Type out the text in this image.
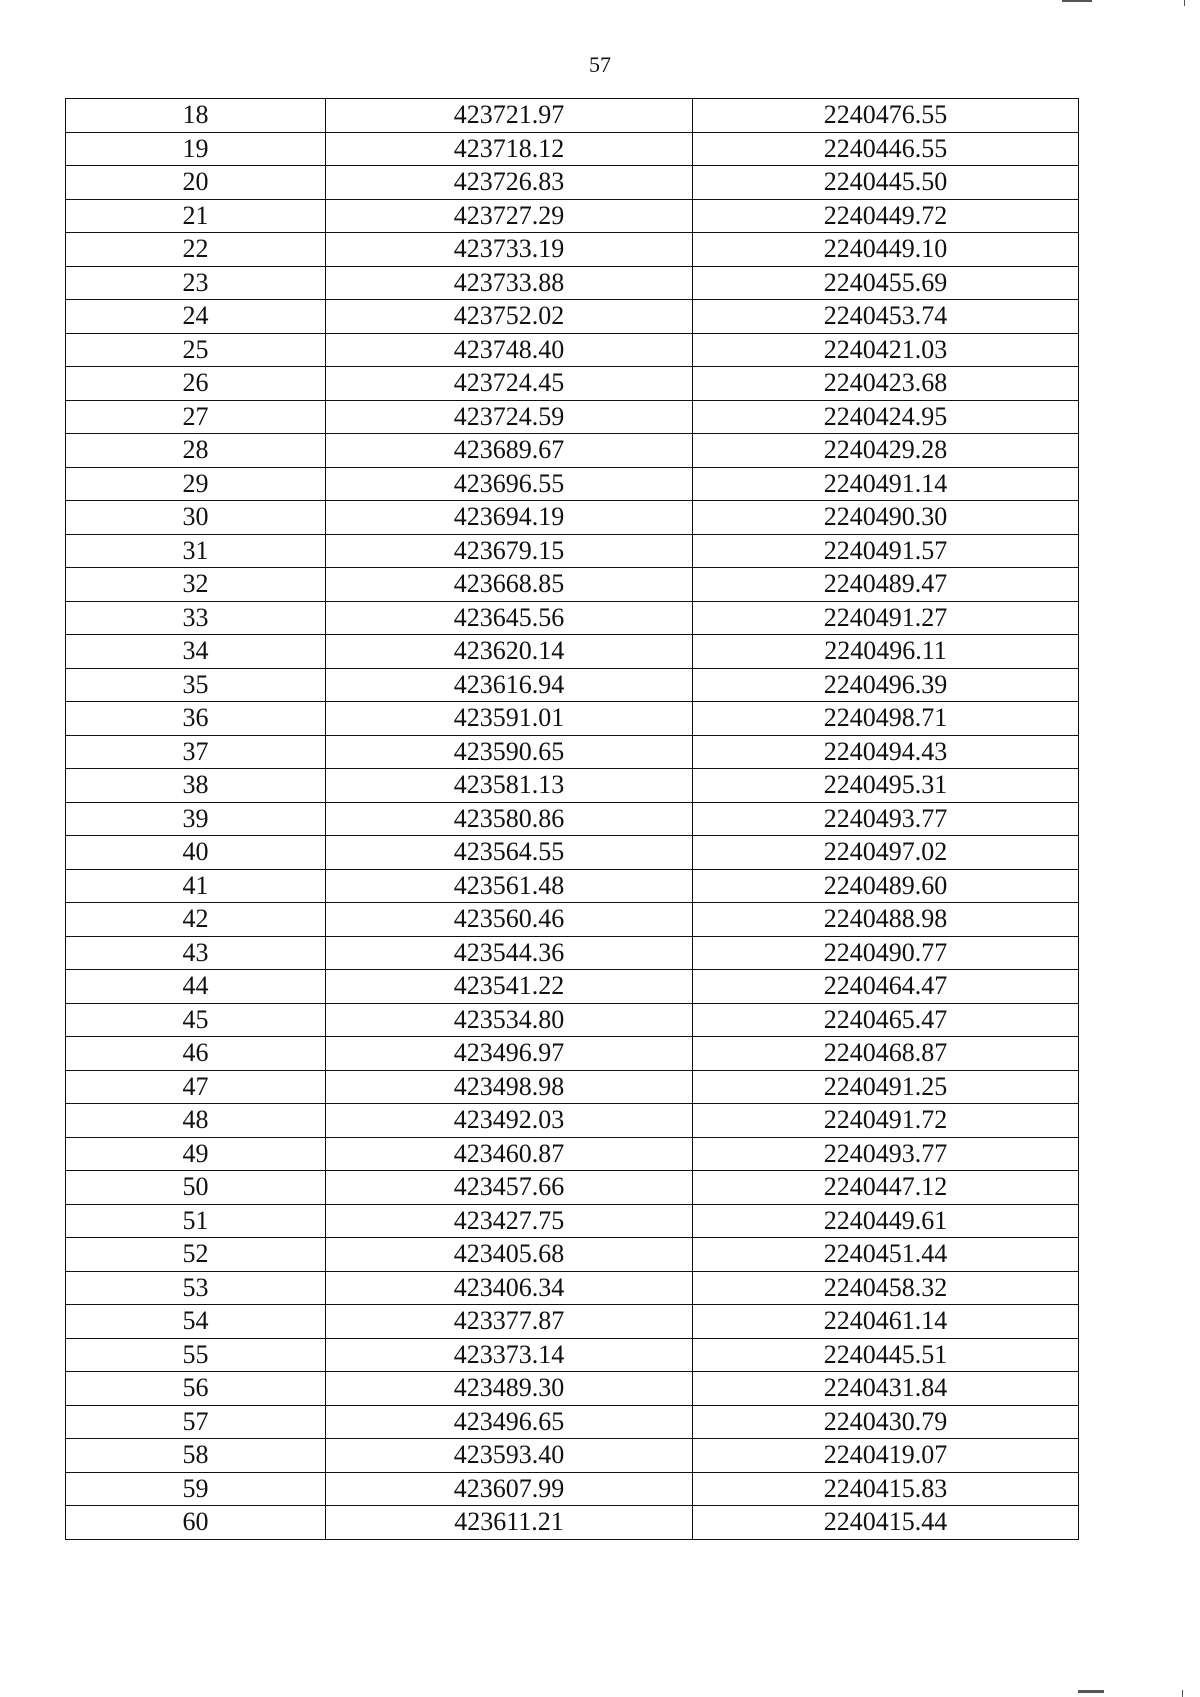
57
18	423721.97	2240476.55
19	423718.12	2240446.55
20	423726.83	2240445.50
21	423727.29	2240449.72
22	423733.19	2240449.10
23	423733.88	2240455.69
24	423752.02	2240453.74
25	423748.40	2240421.03
26	423724.45	2240423.68
27	423724.59	2240424.95
28	423689.67	2240429.28
29	423696.55	2240491.14
30	423694.19	2240490.30
31	423679.15	2240491.57
32	423668.85	2240489.47
33	423645.56	2240491.27
34	423620.14	2240496.11
35	423616.94	2240496.39
36	423591.01	2240498.71
37	423590.65	2240494.43
38	423581.13	2240495.31
39	423580.86	2240493.77
40	423564.55	2240497.02
41	423561.48	2240489.60
42	423560.46	2240488.98
43	423544.36	2240490.77
44	423541.22	2240464.47
45	423534.80	2240465.47
46	423496.97	2240468.87
47	423498.98	2240491.25
48	423492.03	2240491.72
49	423460.87	2240493.77
50	423457.66	2240447.12
51	423427.75	2240449.61
52	423405.68	2240451.44
53	423406.34	2240458.32
54	423377.87	2240461.14
55	423373.14	2240445.51
56	423489.30	2240431.84
57	423496.65	2240430.79
58	423593.40	2240419.07
59	423607.99	2240415.83
60	423611.21	2240415.44
